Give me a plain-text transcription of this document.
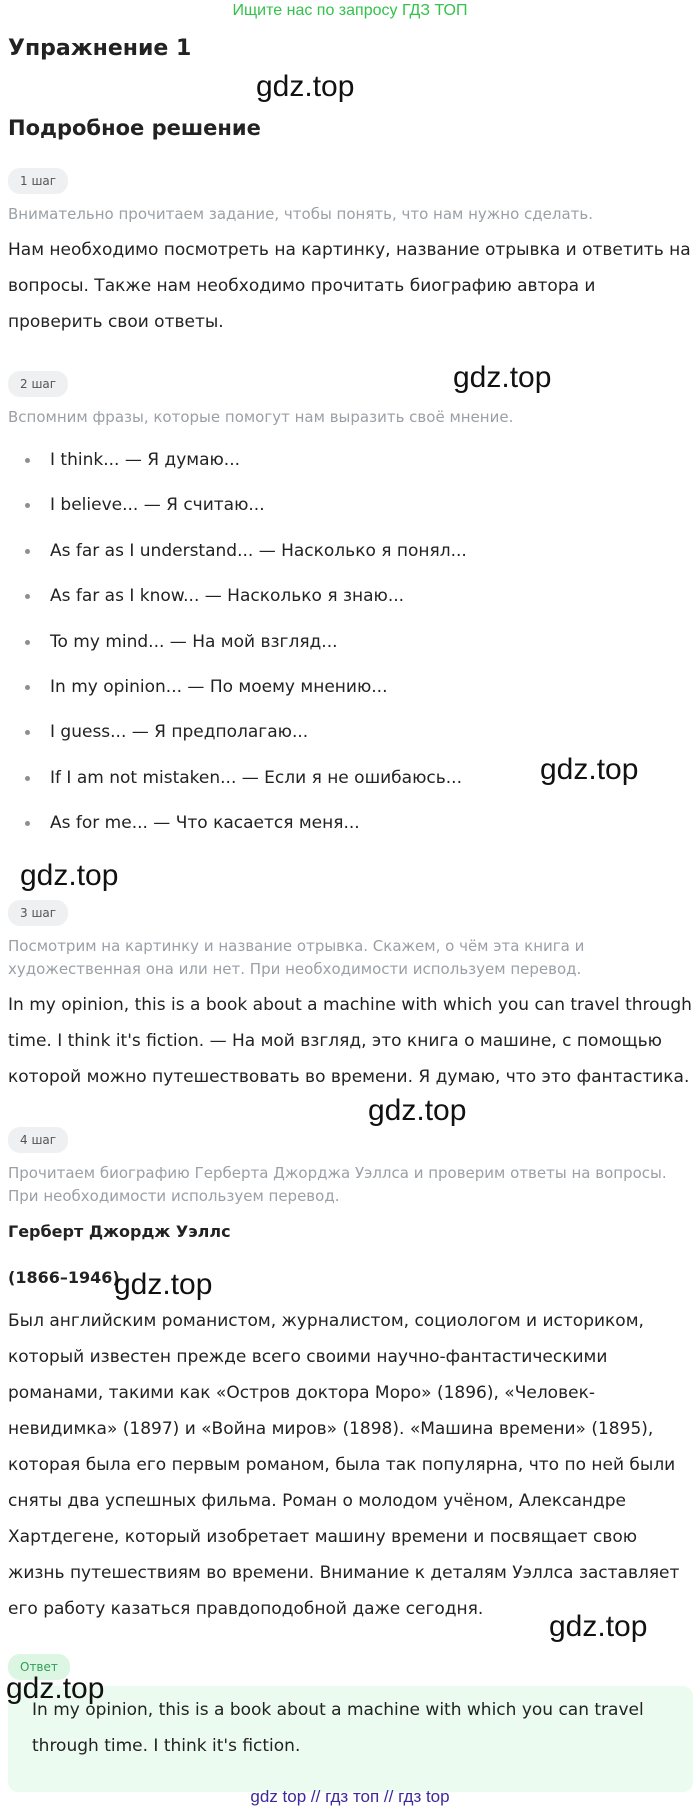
Ищите нас по запросу ГДЗ ТОП
Упражнение 1
gdz.top
Подробное решение
1 шаг
Внимательно прочитаем задание, чтобы понять, что нам нужно сделать.
Нам необходимо посмотреть на картинку, название отрывка и ответить на вопросы. Также нам необходимо прочитать биографию автора и проверить свои ответы.
2 шаг	gdz.top
Вспомним фразы, которые помогут нам выразить своё мнение.
I think... — Я думаю...
I believe... — Я считаю...
As far as I understand... — Насколько я понял...
As far as I know... — Насколько я знаю...
To my mind... — На мой взгляд...
In my opinion... — По моему мнению...
I guess... — Я предполагаю...
If I am not mistaken... — Если я не ошибаюсь...
As for me... — Что касается меня...
gdz.top
gdz.top
3 шаг
Посмотрим на картинку и название отрывка. Скажем, о чём эта книга и художественная она или нет. При необходимости используем перевод.
In my opinion, this is a book about a machine with which you can travel through time. I think it's fiction. — На мой взгляд, это книга о машине, с помощью которой можно путешествовать во времени. Я думаю, что это фантастика.
gdz.top
4 шаг
Прочитаем биографию Герберта Джорджа Уэллса и проверим ответы на вопросы. При необходимости используем перевод.
Герберт Джордж Уэллс
(1866–1946)
gdz.top
Был английским романистом, журналистом, социологом и историком, который известен прежде всего своими научно-фантастическими романами, такими как «Остров доктора Моро» (1896), «Человек-невидимка» (1897) и «Война миров» (1898). «Машина времени» (1895), которая была его первым романом, была так популярна, что по ней были сняты два успешных фильма. Роман о молодом учёном, Александре Хартдегене, который изобретает машину времени и посвящает свою жизнь путешествиям во времени. Внимание к деталям Уэллса заставляет его работу казаться правдоподобной даже сегодня.
gdz.top
Ответ
gdz.top
In my opinion, this is a book about a machine with which you can travel through time. I think it's fiction.
gdz top // гдз топ // гдз top
